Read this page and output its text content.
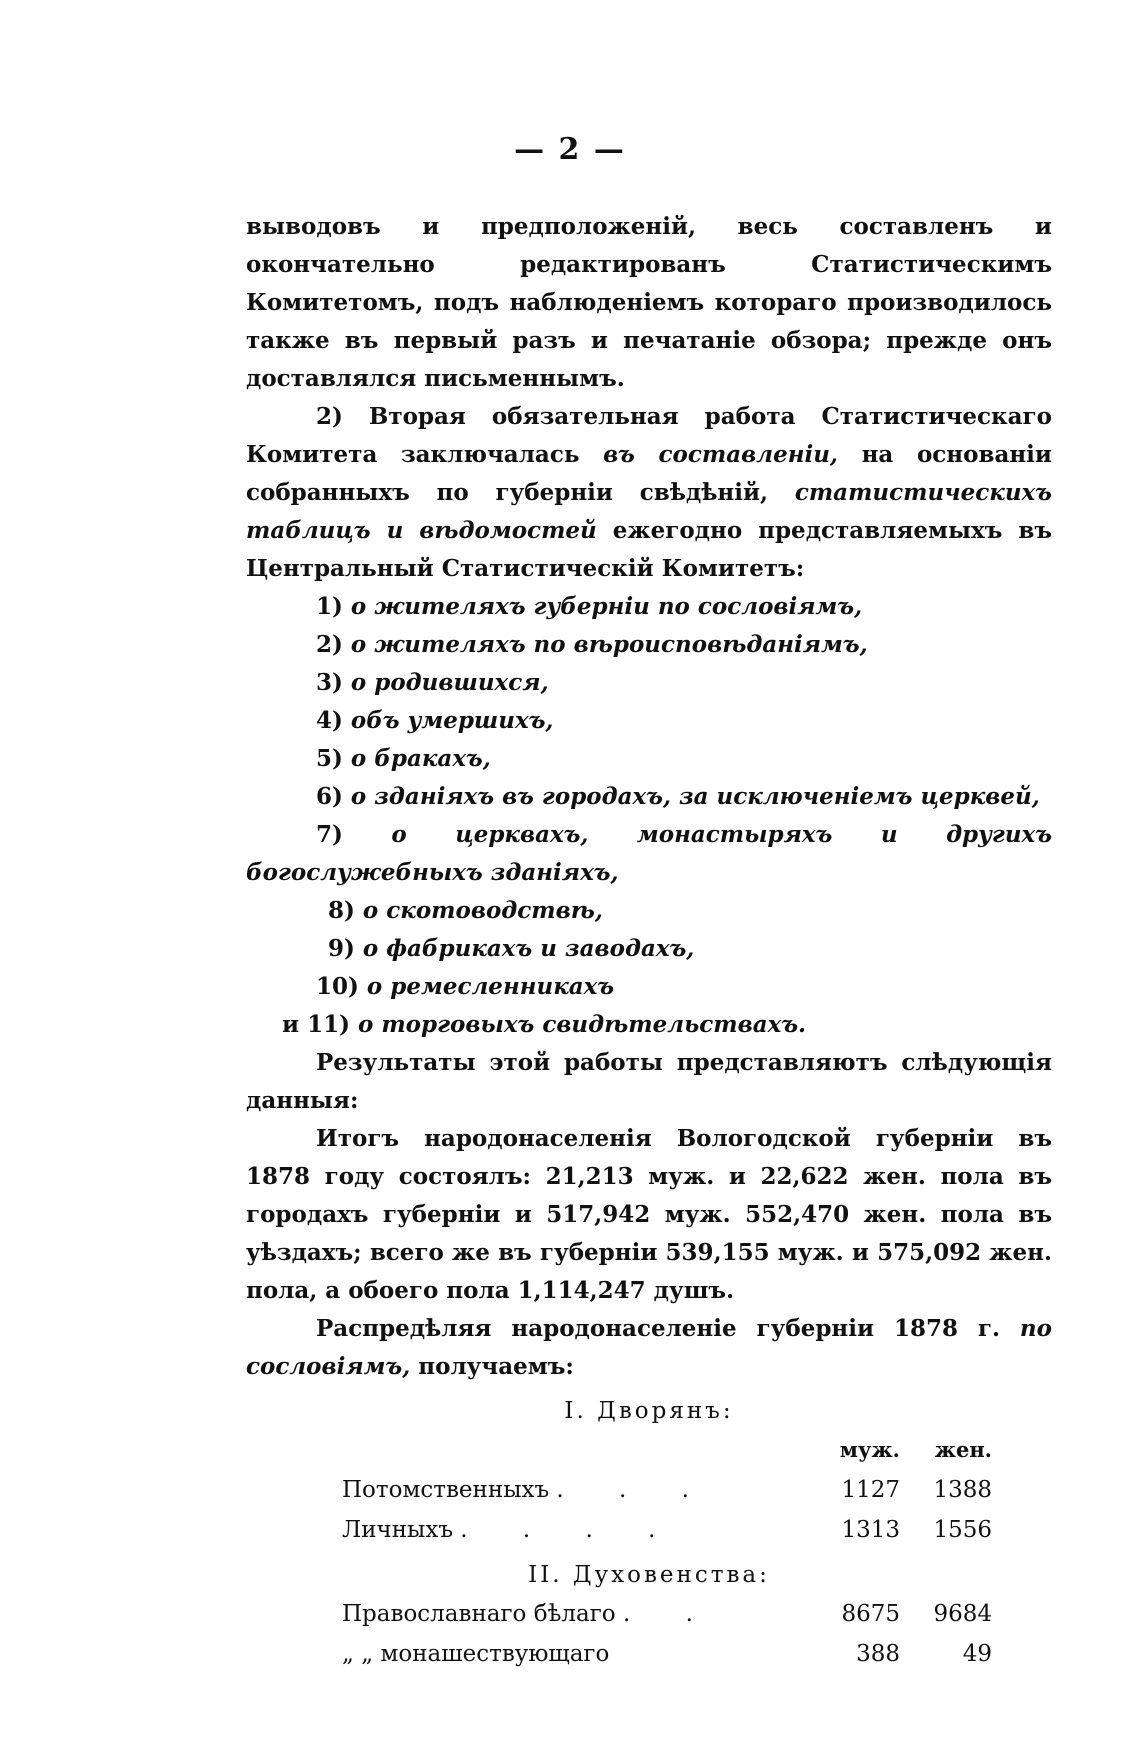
— 2 —

выводовъ и предположеній, весь составленъ и окончательно редактированъ Статистическимъ Комитетомъ, подъ наблюденіемъ котораго производилось также въ первый разъ и печатаніе обзора; прежде онъ доставлялся письменнымъ.

2) Вторая обязательная работа Статистическаго Комитета заключалась въ составленіи, на основаніи собранныхъ по губерніи свѣдѣній, статистическихъ таблицъ и вѣдомостей ежегодно представляемыхъ въ Центральный Статистическій Комитетъ:

1) о жителяхъ губерніи по сословіямъ,
2) о жителяхъ по вѣроисповѣданіямъ,
3) о родившихся,
4) объ умершихъ,
5) о бракахъ,
6) о зданіяхъ въ городахъ, за исключеніемъ церквей,
7) о церквахъ, монастыряхъ и другихъ богослужебныхъ зданіяхъ,
8) о скотоводствѣ,
9) о фабрикахъ и заводахъ,
10) о ремесленникахъ
и 11) о торговыхъ свидѣтельствахъ.

Результаты этой работы представляютъ слѣдующія данныя:

Итогъ народонаселенія Вологодской губерніи въ 1878 году состоялъ: 21,213 муж. и 22,622 жен. пола въ городахъ губерніи и 517,942 муж. 552,470 жен. пола въ уѣздахъ; всего же въ губерніи 539,155 муж. и 575,092 жен. пола, а обоего пола 1,114,247 душъ.

Распредѣляя народонаселеніе губерніи 1878 г. по сословіямъ, получаемъ:

I. Дворянъ:
	муж.	жен.
Потомственныхъ . . .	1127	1388
Личныхъ . . . .	1313	1556
II. Духовенства:
Православнаго бѣлаго . .	8675	9684
„ „ монашествующаго	388	49
